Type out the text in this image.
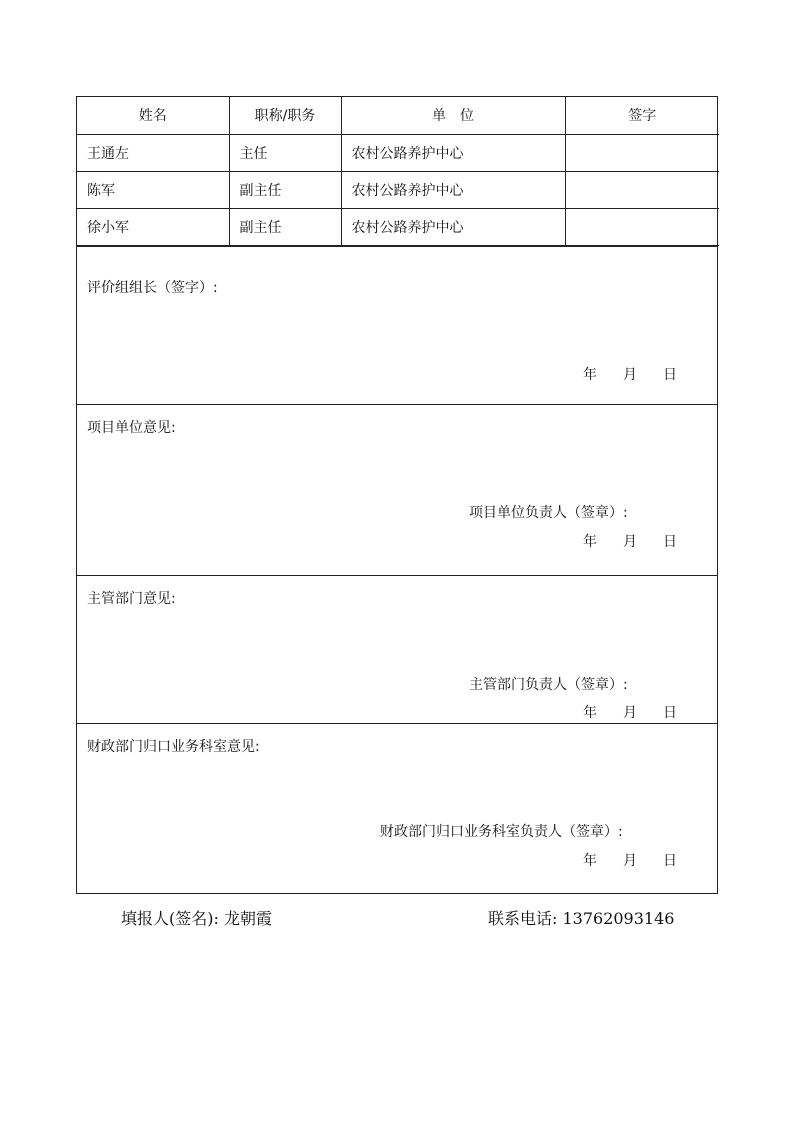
姓名	职称/职务	单　位	签字
王通左	主任	农村公路养护中心	
陈军	副主任	农村公路养护中心	
徐小军	副主任	农村公路养护中心	
评价组组长（签字）:
年 月 日
项目单位意见:
项目单位负责人（签章）:
年 月 日
主管部门意见:
主管部门负责人（签章）:
年 月 日
财政部门归口业务科室意见:
财政部门归口业务科室负责人（签章）:
年 月 日
填报人(签名): 龙朝霞	联系电话: 13762093146
